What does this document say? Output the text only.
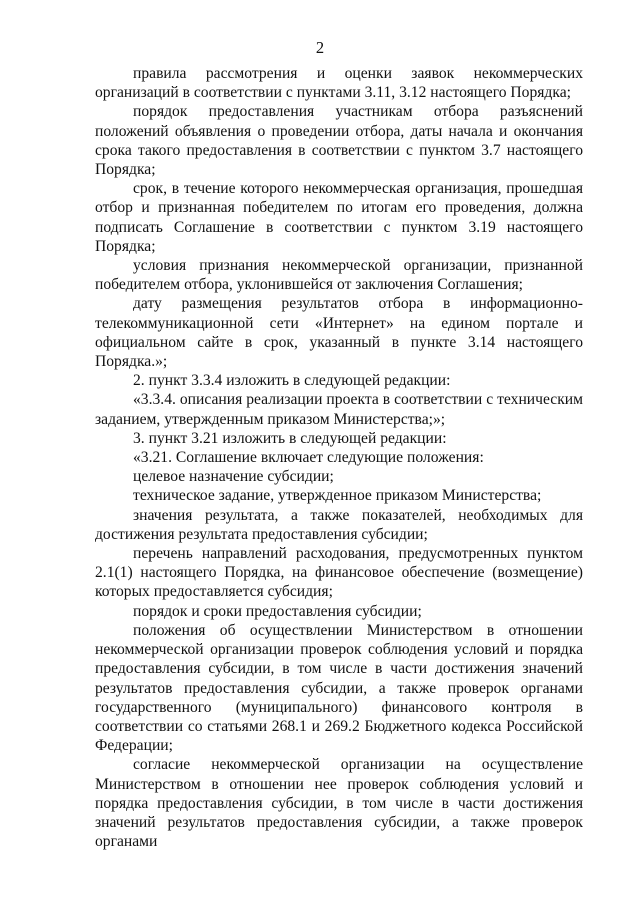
2

правила рассмотрения и оценки заявок некоммерческих организаций в соответствии с пунктами 3.11, 3.12 настоящего Порядка;

порядок предоставления участникам отбора разъяснений положений объявления о проведении отбора, даты начала и окончания срока такого предоставления в соответствии с пунктом 3.7 настоящего Порядка;

срок, в течение которого некоммерческая организация, прошедшая отбор и признанная победителем по итогам его проведения, должна подписать Соглашение в соответствии с пунктом 3.19 настоящего Порядка;

условия признания некоммерческой организации, признанной победителем отбора, уклонившейся от заключения Соглашения;

дату размещения результатов отбора в информационно-телекоммуникационной сети «Интернет» на едином портале и официальном сайте в срок, указанный в пункте 3.14 настоящего Порядка.»;

2. пункт 3.3.4 изложить в следующей редакции:

«3.3.4. описания реализации проекта в соответствии с техническим заданием, утвержденным приказом Министерства;»;

3. пункт 3.21 изложить в следующей редакции:

«3.21. Соглашение включает следующие положения:

целевое назначение субсидии;

техническое задание, утвержденное приказом Министерства;

значения результата, а также показателей, необходимых для достижения результата предоставления субсидии;

перечень направлений расходования, предусмотренных пунктом 2.1(1) настоящего Порядка, на финансовое обеспечение (возмещение) которых предоставляется субсидия;

порядок и сроки предоставления субсидии;

положения об осуществлении Министерством в отношении некоммерческой организации проверок соблюдения условий и порядка предоставления субсидии, в том числе в части достижения значений результатов предоставления субсидии, а также проверок органами государственного (муниципального) финансового контроля в соответствии со статьями 268.1 и 269.2 Бюджетного кодекса Российской Федерации;

согласие некоммерческой организации на осуществление Министерством в отношении нее проверок соблюдения условий и порядка предоставления субсидии, в том числе в части достижения значений результатов предоставления субсидии, а также проверок органами
